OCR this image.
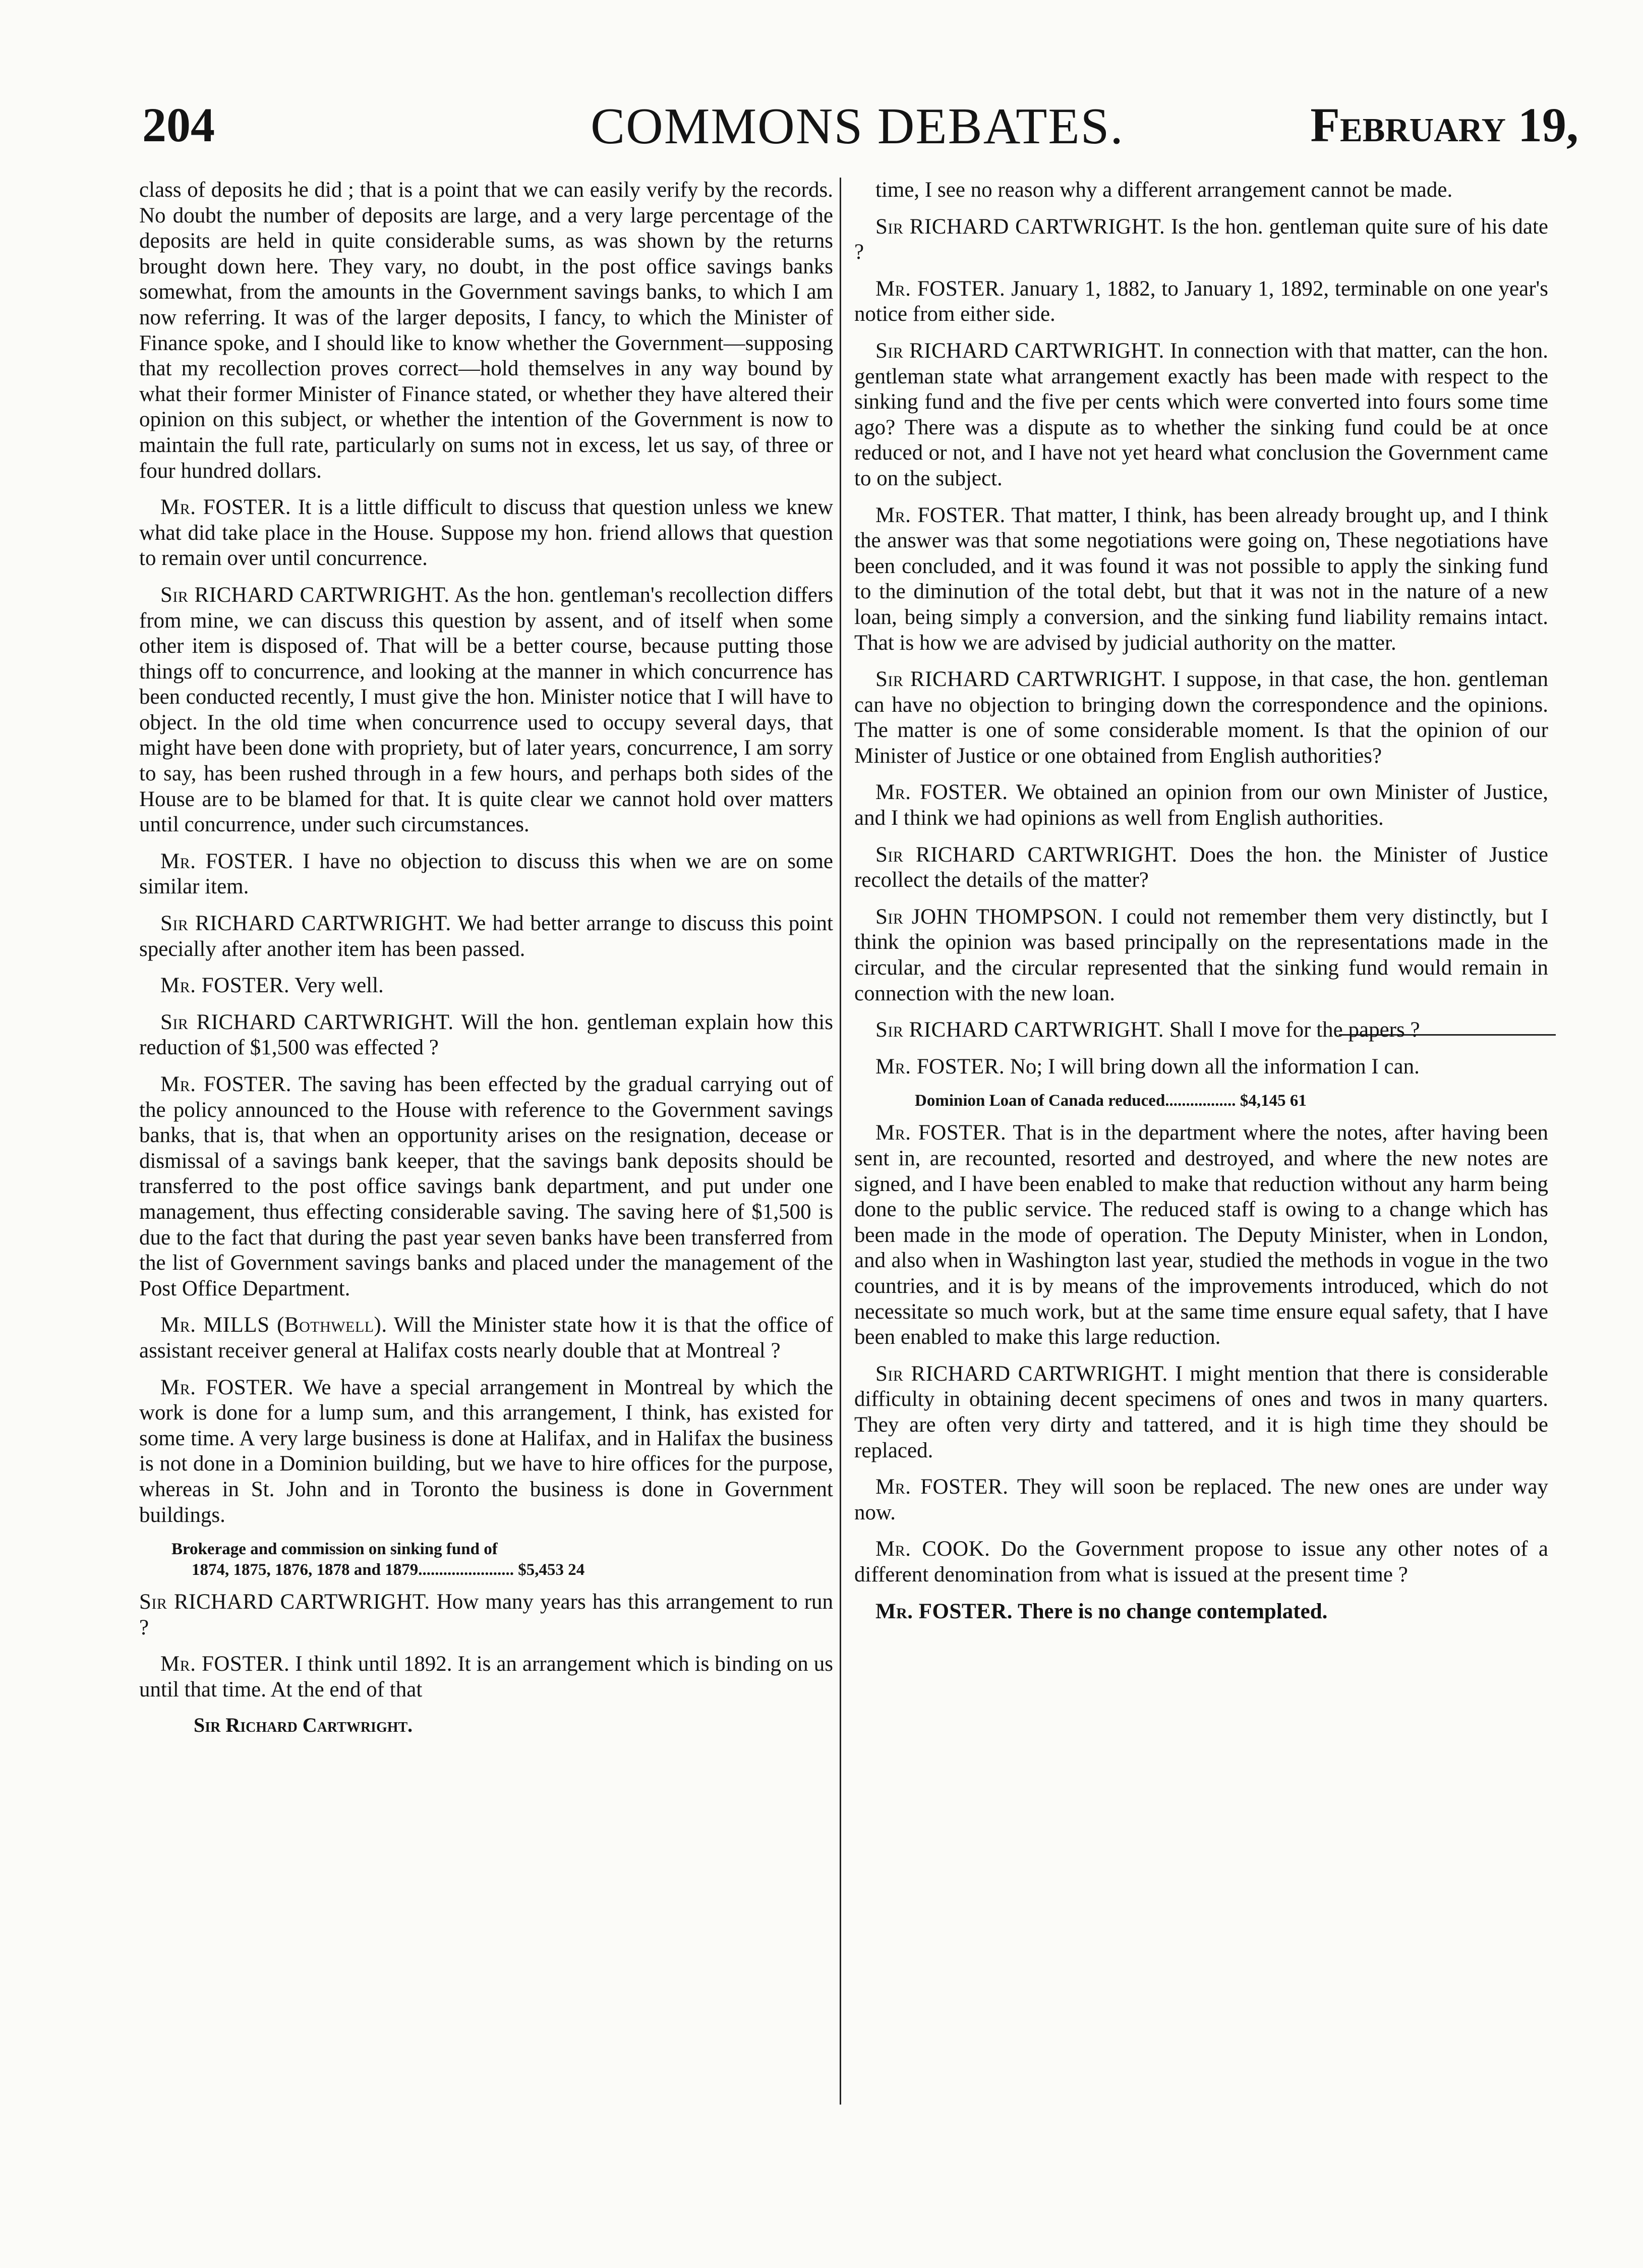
204	COMMONS DEBATES.	February 19,

class of deposits he did ; that is a point that we can easily verify by the records. No doubt the number of deposits are large, and a very large percentage of the deposits are held in quite considerable sums, as was shown by the returns brought down here. They vary, no doubt, in the post office savings banks somewhat, from the amounts in the Government savings banks, to which I am now referring. It was of the larger deposits, I fancy, to which the Minister of Finance spoke, and I should like to know whether the Government—supposing that my recollection proves correct—hold themselves in any way bound by what their former Minister of Finance stated, or whether they have altered their opinion on this subject, or whether the intention of the Government is now to maintain the full rate, particularly on sums not in excess, let us say, of three or four hundred dollars.

Mr. FOSTER. It is a little difficult to discuss that question unless we knew what did take place in the House. Suppose my hon. friend allows that question to remain over until concurrence.

Sir RICHARD CARTWRIGHT. As the hon. gentleman's recollection differs from mine, we can discuss this question by assent, and of itself when some other item is disposed of. That will be a better course, because putting those things off to concurrence, and looking at the manner in which concurrence has been conducted recently, I must give the hon. Minister notice that I will have to object. In the old time when concurrence used to occupy several days, that might have been done with propriety, but of later years, concurrence, I am sorry to say, has been rushed through in a few hours, and perhaps both sides of the House are to be blamed for that. It is quite clear we cannot hold over matters until concurrence, under such circumstances.

Mr. FOSTER. I have no objection to discuss this when we are on some similar item.

Sir RICHARD CARTWRIGHT. We had better arrange to discuss this point specially after another item has been passed.

Mr. FOSTER. Very well.

Sir RICHARD CARTWRIGHT. Will the hon. gentleman explain how this reduction of $1,500 was effected ?

Mr. FOSTER. The saving has been effected by the gradual carrying out of the policy announced to the House with reference to the Government savings banks, that is, that when an opportunity arises on the resignation, decease or dismissal of a savings bank keeper, that the savings bank deposits should be transferred to the post office savings bank department, and put under one management, thus effecting considerable saving. The saving here of $1,500 is due to the fact that during the past year seven banks have been transferred from the list of Government savings banks and placed under the management of the Post Office Department.

Mr. MILLS (Bothwell). Will the Minister state how it is that the office of assistant receiver general at Halifax costs nearly double that at Montreal ?

Mr. FOSTER. We have a special arrangement in Montreal by which the work is done for a lump sum, and this arrangement, I think, has existed for some time. A very large business is done at Halifax, and in Halifax the business is not done in a Dominion building, but we have to hire offices for the purpose, whereas in St. John and in Toronto the business is done in Government buildings.

Brokerage and commission on sinking fund of
1874, 1875, 1876, 1878 and 1879....................... $5,453 24

Sir RICHARD CARTWRIGHT. How many years has this arrangement to run ?

Mr. FOSTER. I think until 1892. It is an arrangement which is binding on us until that time. At the end of that

Sir Richard Cartwright.

time, I see no reason why a different arrangement cannot be made.

Sir RICHARD CARTWRIGHT. Is the hon. gentleman quite sure of his date ?

Mr. FOSTER. January 1, 1882, to January 1, 1892, terminable on one year's notice from either side.

Sir RICHARD CARTWRIGHT. In connection with that matter, can the hon. gentleman state what arrangement exactly has been made with respect to the sinking fund and the five per cents which were converted into fours some time ago? There was a dispute as to whether the sinking fund could be at once reduced or not, and I have not yet heard what conclusion the Government came to on the subject.

Mr. FOSTER. That matter, I think, has been already brought up, and I think the answer was that some negotiations were going on, These negotiations have been concluded, and it was found it was not possible to apply the sinking fund to the diminution of the total debt, but that it was not in the nature of a new loan, being simply a conversion, and the sinking fund liability remains intact. That is how we are advised by judicial authority on the matter.

Sir RICHARD CARTWRIGHT. I suppose, in that case, the hon. gentleman can have no objection to bringing down the correspondence and the opinions. The matter is one of some considerable moment. Is that the opinion of our Minister of Justice or one obtained from English authorities?

Mr. FOSTER. We obtained an opinion from our own Minister of Justice, and I think we had opinions as well from English authorities.

Sir RICHARD CARTWRIGHT. Does the hon. the Minister of Justice recollect the details of the matter?

Sir JOHN THOMPSON. I could not remember them very distinctly, but I think the opinion was based principally on the representations made in the circular, and the circular represented that the sinking fund would remain in connection with the new loan.

Sir RICHARD CARTWRIGHT. Shall I move for the papers ?

Mr. FOSTER. No; I will bring down all the information I can.

Dominion Loan of Canada reduced................. $4,145 61

Mr. FOSTER. That is in the department where the notes, after having been sent in, are recounted, resorted and destroyed, and where the new notes are signed, and I have been enabled to make that reduction without any harm being done to the public service. The reduced staff is owing to a change which has been made in the mode of operation. The Deputy Minister, when in London, and also when in Washington last year, studied the methods in vogue in the two countries, and it is by means of the improvements introduced, which do not necessitate so much work, but at the same time ensure equal safety, that I have been enabled to make this large reduction.

Sir RICHARD CARTWRIGHT. I might mention that there is considerable difficulty in obtaining decent specimens of ones and twos in many quarters. They are often very dirty and tattered, and it is high time they should be replaced.

Mr. FOSTER. They will soon be replaced. The new ones are under way now.

Mr. COOK. Do the Government propose to issue any other notes of a different denomination from what is issued at the present time ?

Mr. FOSTER. There is no change contemplated.
